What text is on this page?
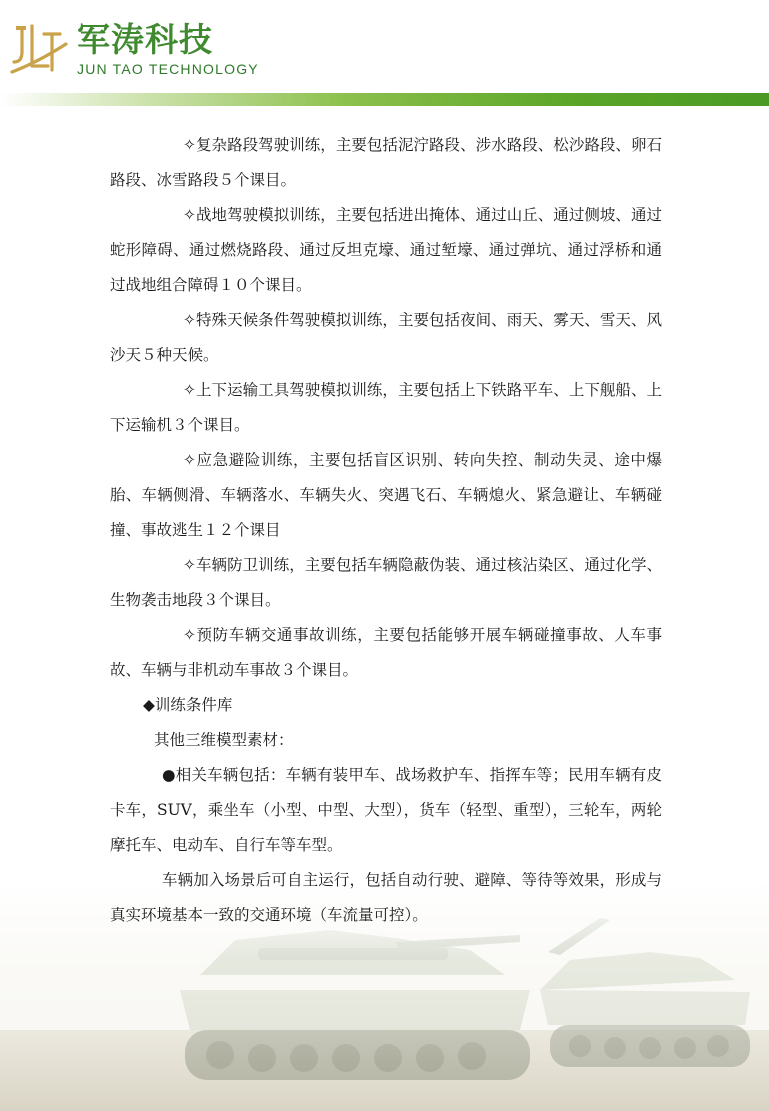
军涛科技
JUN TAO TECHNOLOGY

✧复杂路段驾驶训练，主要包括泥泞路段、涉水路段、松沙路段、卵石路段、冰雪路段５个课目。

✧战地驾驶模拟训练，主要包括进出掩体、通过山丘、通过侧坡、通过蛇形障碍、通过燃烧路段、通过反坦克壕、通过堑壕、通过弹坑、通过浮桥和通过战地组合障碍１０个课目。

✧特殊天候条件驾驶模拟训练，主要包括夜间、雨天、雾天、雪天、风沙天５种天候。

✧上下运输工具驾驶模拟训练，主要包括上下铁路平车、上下舰船、上下运输机３个课目。

✧应急避险训练，主要包括盲区识别、转向失控、制动失灵、途中爆胎、车辆侧滑、车辆落水、车辆失火、突遇飞石、车辆熄火、紧急避让、车辆碰撞、事故逃生１２个课目

✧车辆防卫训练，主要包括车辆隐蔽伪装、通过核沾染区、通过化学、生物袭击地段３个课目。

✧预防车辆交通事故训练，主要包括能够开展车辆碰撞事故、人车事故、车辆与非机动车事故３个课目。

◆训练条件库

其他三维模型素材：

●相关车辆包括：车辆有装甲车、战场救护车、指挥车等；民用车辆有皮卡车，SUV，乘坐车（小型、中型、大型），货车（轻型、重型），三轮车，两轮摩托车、电动车、自行车等车型。

车辆加入场景后可自主运行，包括自动行驶、避障、等待等效果，形成与真实环境基本一致的交通环境（车流量可控）。
